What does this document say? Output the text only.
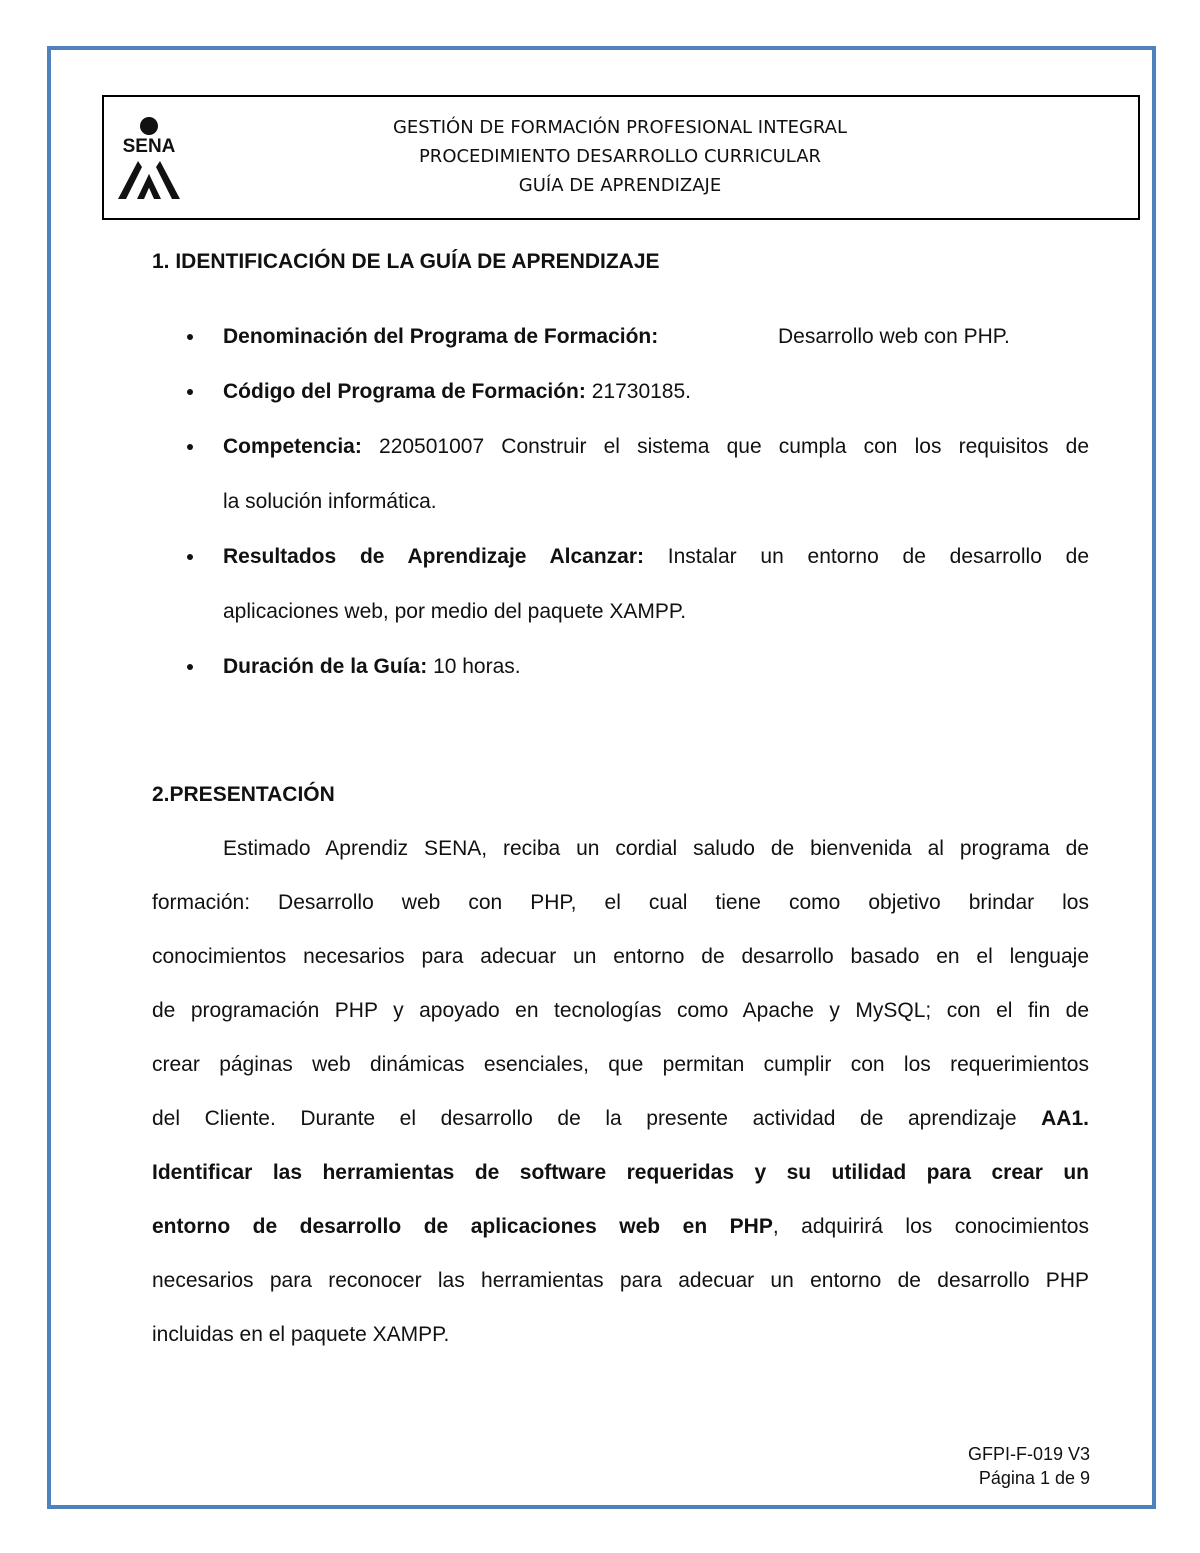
SENA
GESTIÓN DE FORMACIÓN PROFESIONAL INTEGRAL
PROCEDIMIENTO DESARROLLO CURRICULAR
GUÍA DE APRENDIZAJE
1. IDENTIFICACIÓN DE LA GUÍA DE APRENDIZAJE
Denominación del Programa de Formación:	Desarrollo web con PHP.
Código del Programa de Formación: 21730185.
Competencia: 220501007 Construir el sistema que cumpla con los requisitos de
la solución informática.
Resultados de Aprendizaje Alcanzar: Instalar un entorno de desarrollo de
aplicaciones web, por medio del paquete XAMPP.
Duración de la Guía: 10 horas.
2.PRESENTACIÓN
Estimado Aprendiz SENA, reciba un cordial saludo de bienvenida al programa de
formación: Desarrollo web con PHP, el cual tiene como objetivo brindar los
conocimientos necesarios para adecuar un entorno de desarrollo basado en el lenguaje
de programación PHP y apoyado en tecnologías como Apache y MySQL; con el fin de
crear páginas web dinámicas esenciales, que permitan cumplir con los requerimientos
del Cliente. Durante el desarrollo de la presente actividad de aprendizaje AA1.
Identificar las herramientas de software requeridas y su utilidad para crear un
entorno de desarrollo de aplicaciones web en PHP, adquirirá los conocimientos
necesarios para reconocer las herramientas para adecuar un entorno de desarrollo PHP
incluidas en el paquete XAMPP.
GFPI-F-019 V3
Página 1 de 9
